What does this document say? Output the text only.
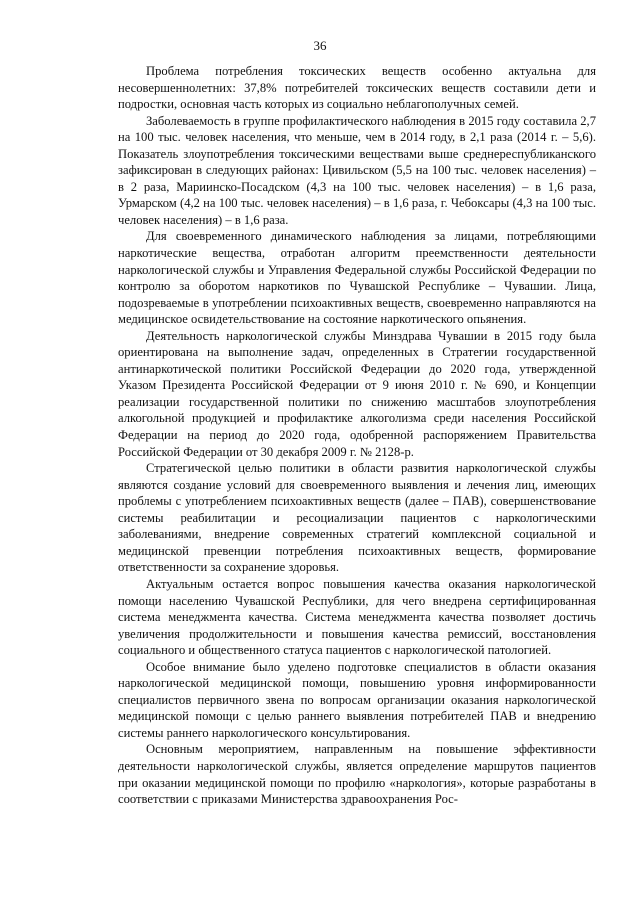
36

Проблема потребления токсических веществ особенно актуальна для несовершеннолетних: 37,8% потребителей токсических веществ составили дети и подростки, основная часть которых из социально неблагополучных семей.

Заболеваемость в группе профилактического наблюдения в 2015 году составила 2,7 на 100 тыс. человек населения, что меньше, чем в 2014 году, в 2,1 раза (2014 г. – 5,6). Показатель злоупотребления токсическими веществами выше среднереспубликанского зафиксирован в следующих районах: Цивильском (5,5 на 100 тыс. человек населения) – в 2 раза, Мариинско-Посадском (4,3 на 100 тыс. человек населения) – в 1,6 раза, Урмарском (4,2 на 100 тыс. человек населения) – в 1,6 раза, г. Чебоксары (4,3 на 100 тыс. человек населения) – в 1,6 раза.

Для своевременного динамического наблюдения за лицами, потребляющими наркотические вещества, отработан алгоритм преемственности деятельности наркологической службы и Управления Федеральной службы Российской Федерации по контролю за оборотом наркотиков по Чувашской Республике – Чувашии. Лица, подозреваемые в употреблении психоактивных веществ, своевременно направляются на медицинское освидетельствование на состояние наркотического опьянения.

Деятельность наркологической службы Минздрава Чувашии в 2015 году была ориентирована на выполнение задач, определенных в Стратегии государственной антинаркотической политики Российской Федерации до 2020 года, утвержденной Указом Президента Российской Федерации от 9 июня 2010 г. № 690, и Концепции реализации государственной политики по снижению масштабов злоупотребления алкогольной продукцией и профилактике алкоголизма среди населения Российской Федерации на период до 2020 года, одобренной распоряжением Правительства Российской Федерации от 30 декабря 2009 г. № 2128-р.

Стратегической целью политики в области развития наркологической службы являются создание условий для своевременного выявления и лечения лиц, имеющих проблемы с употреблением психоактивных веществ (далее – ПАВ), совершенствование системы реабилитации и ресоциализации пациентов с наркологическими заболеваниями, внедрение современных стратегий комплексной социальной и медицинской превенции потребления психоактивных веществ, формирование ответственности за сохранение здоровья.

Актуальным остается вопрос повышения качества оказания наркологической помощи населению Чувашской Республики, для чего внедрена сертифицированная система менеджмента качества. Система менеджмента качества позволяет достичь увеличения продолжительности и повышения качества ремиссий, восстановления социального и общественного статуса пациентов с наркологической патологией.

Особое внимание было уделено подготовке специалистов в области оказания наркологической медицинской помощи, повышению уровня информированности специалистов первичного звена по вопросам организации оказания наркологической медицинской помощи с целью раннего выявления потребителей ПАВ и внедрению системы раннего наркологического консультирования.

Основным мероприятием, направленным на повышение эффективности деятельности наркологической службы, является определение маршрутов пациентов при оказании медицинской помощи по профилю «наркология», которые разработаны в соответствии с приказами Министерства здравоохранения Рос-
